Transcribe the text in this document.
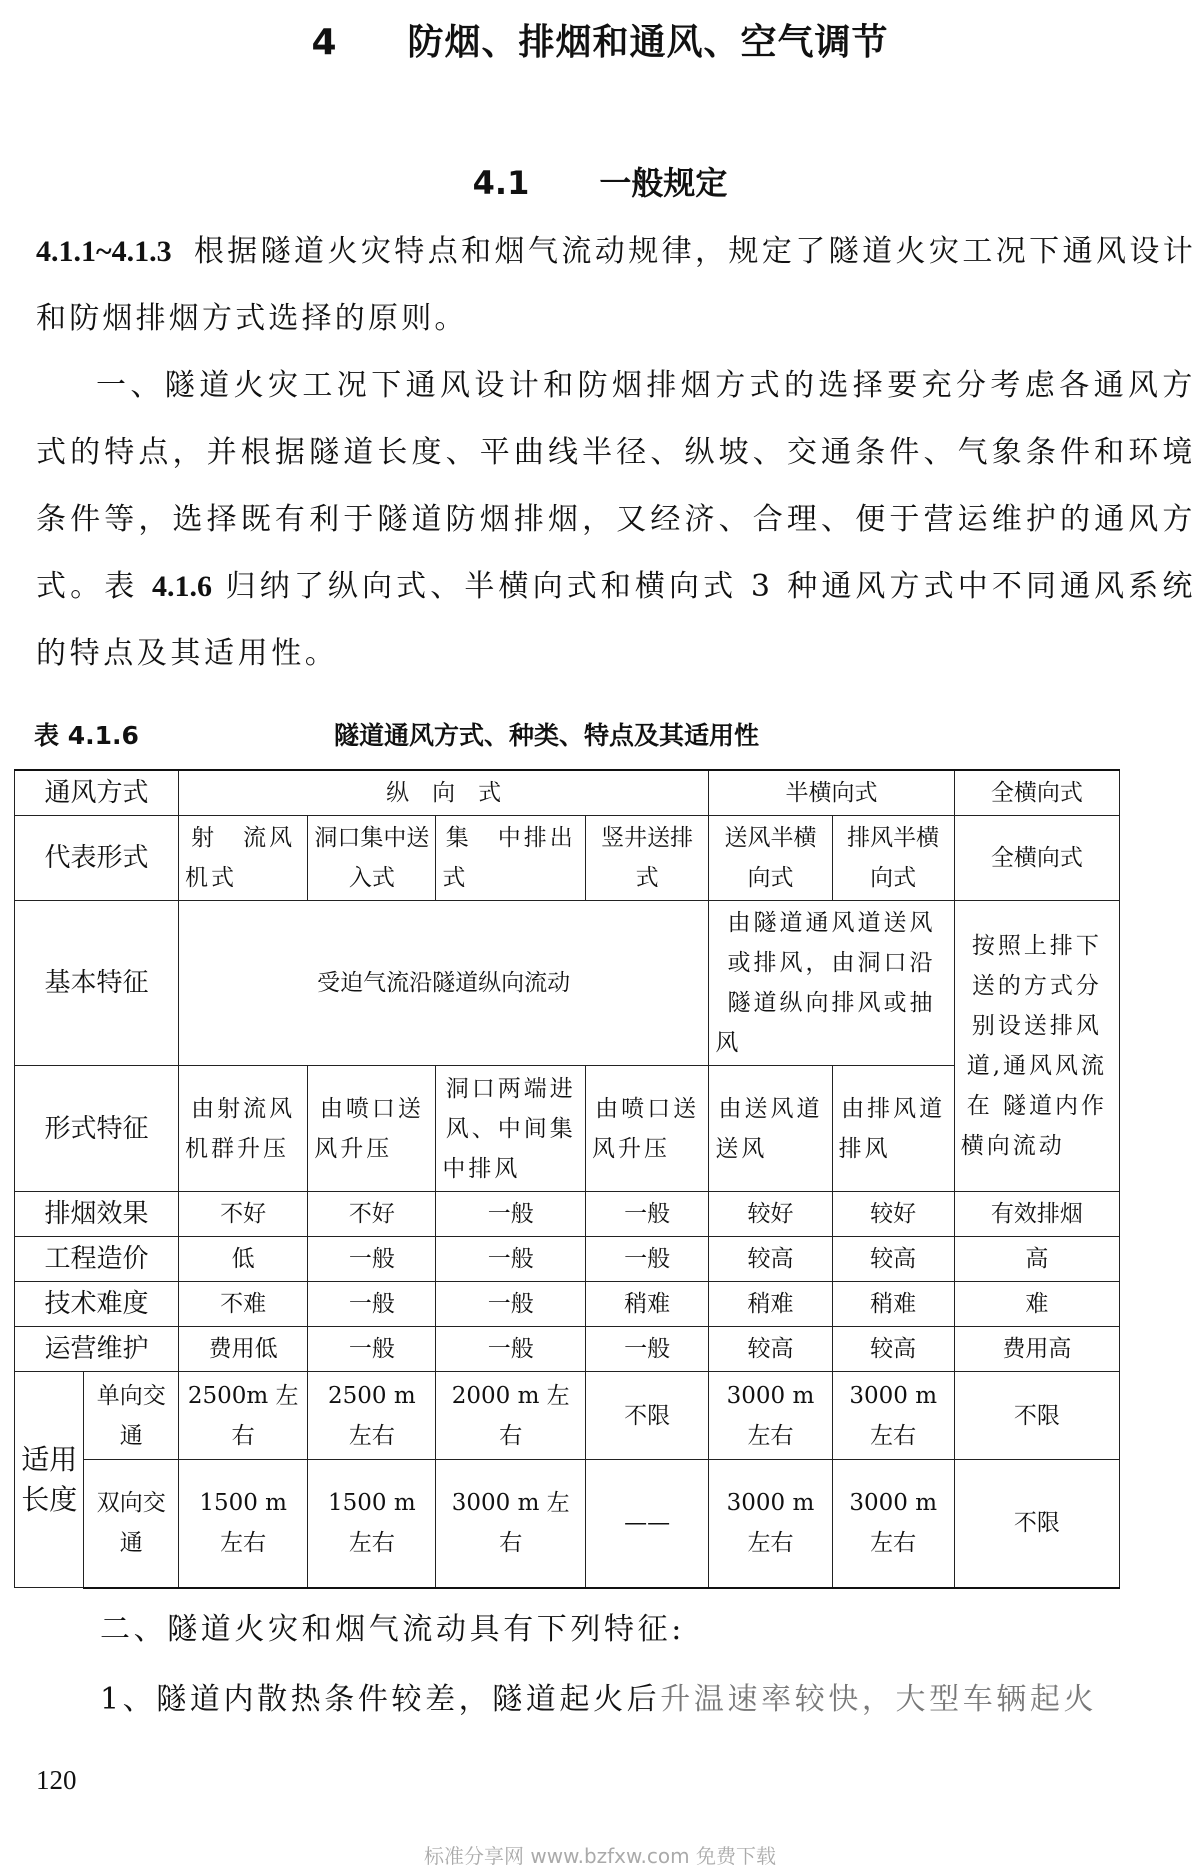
4 防烟、排烟和通风、空气调节
4.1 一般规定
4.1.1~4.1.3 根据隧道火灾特点和烟气流动规律，规定了隧道火灾工况下通风设计和防烟排烟方式选择的原则。
一、隧道火灾工况下通风设计和防烟排烟方式的选择要充分考虑各通风方式的特点，并根据隧道长度、平曲线半径、纵坡、交通条件、气象条件和环境条件等，选择既有利于隧道防烟排烟，又经济、合理、便于营运维护的通风方式。表 4.1.6 归纳了纵向式、半横向式和横向式 3 种通风方式中不同通风系统的特点及其适用性。
表 4.1.6	隧道通风方式、种类、特点及其适用性
通风方式		纵　向　式				半横向式		全横向式
代表形式		射　流风机式	洞口集中送入式	集　中排出式	竖井送排式	送风半横向式	排风半横向式	全横向式
基本特征		受迫气流沿隧道纵向流动				由隧道通风道送风或排风，由洞口沿隧道纵向排风或抽风		按照上排下送的方式分别设送排风道,通风风流在 隧道内作横向流动
形式特征		由射流风机群升压	由喷口送风升压	洞口两端进风、中间集中排风	由喷口送风升压	由送风道送风	由排风道排风	
排烟效果		不好	不好	一般	一般	较好	较好	有效排烟
工程造价		低	一般	一般	一般	较高	较高	高
技术难度		不难	一般	一般	稍难	稍难	稍难	难
运营维护		费用低	一般	一般	一般	较高	较高	费用高
适用长度	单向交通	2500m 左右	2500 m 左右	2000 m 左右	不限	3000 m 左右	3000 m 左右	不限
	双向交通	1500 m 左右	1500 m 左右	3000 m 左右	——	3000 m 左右	3000 m 左右	不限
二、隧道火灾和烟气流动具有下列特征:
1、隧道内散热条件较差，隧道起火后升温速率较快，大型车辆起火
120
标准分享网 www.bzfxw.com 免费下载
